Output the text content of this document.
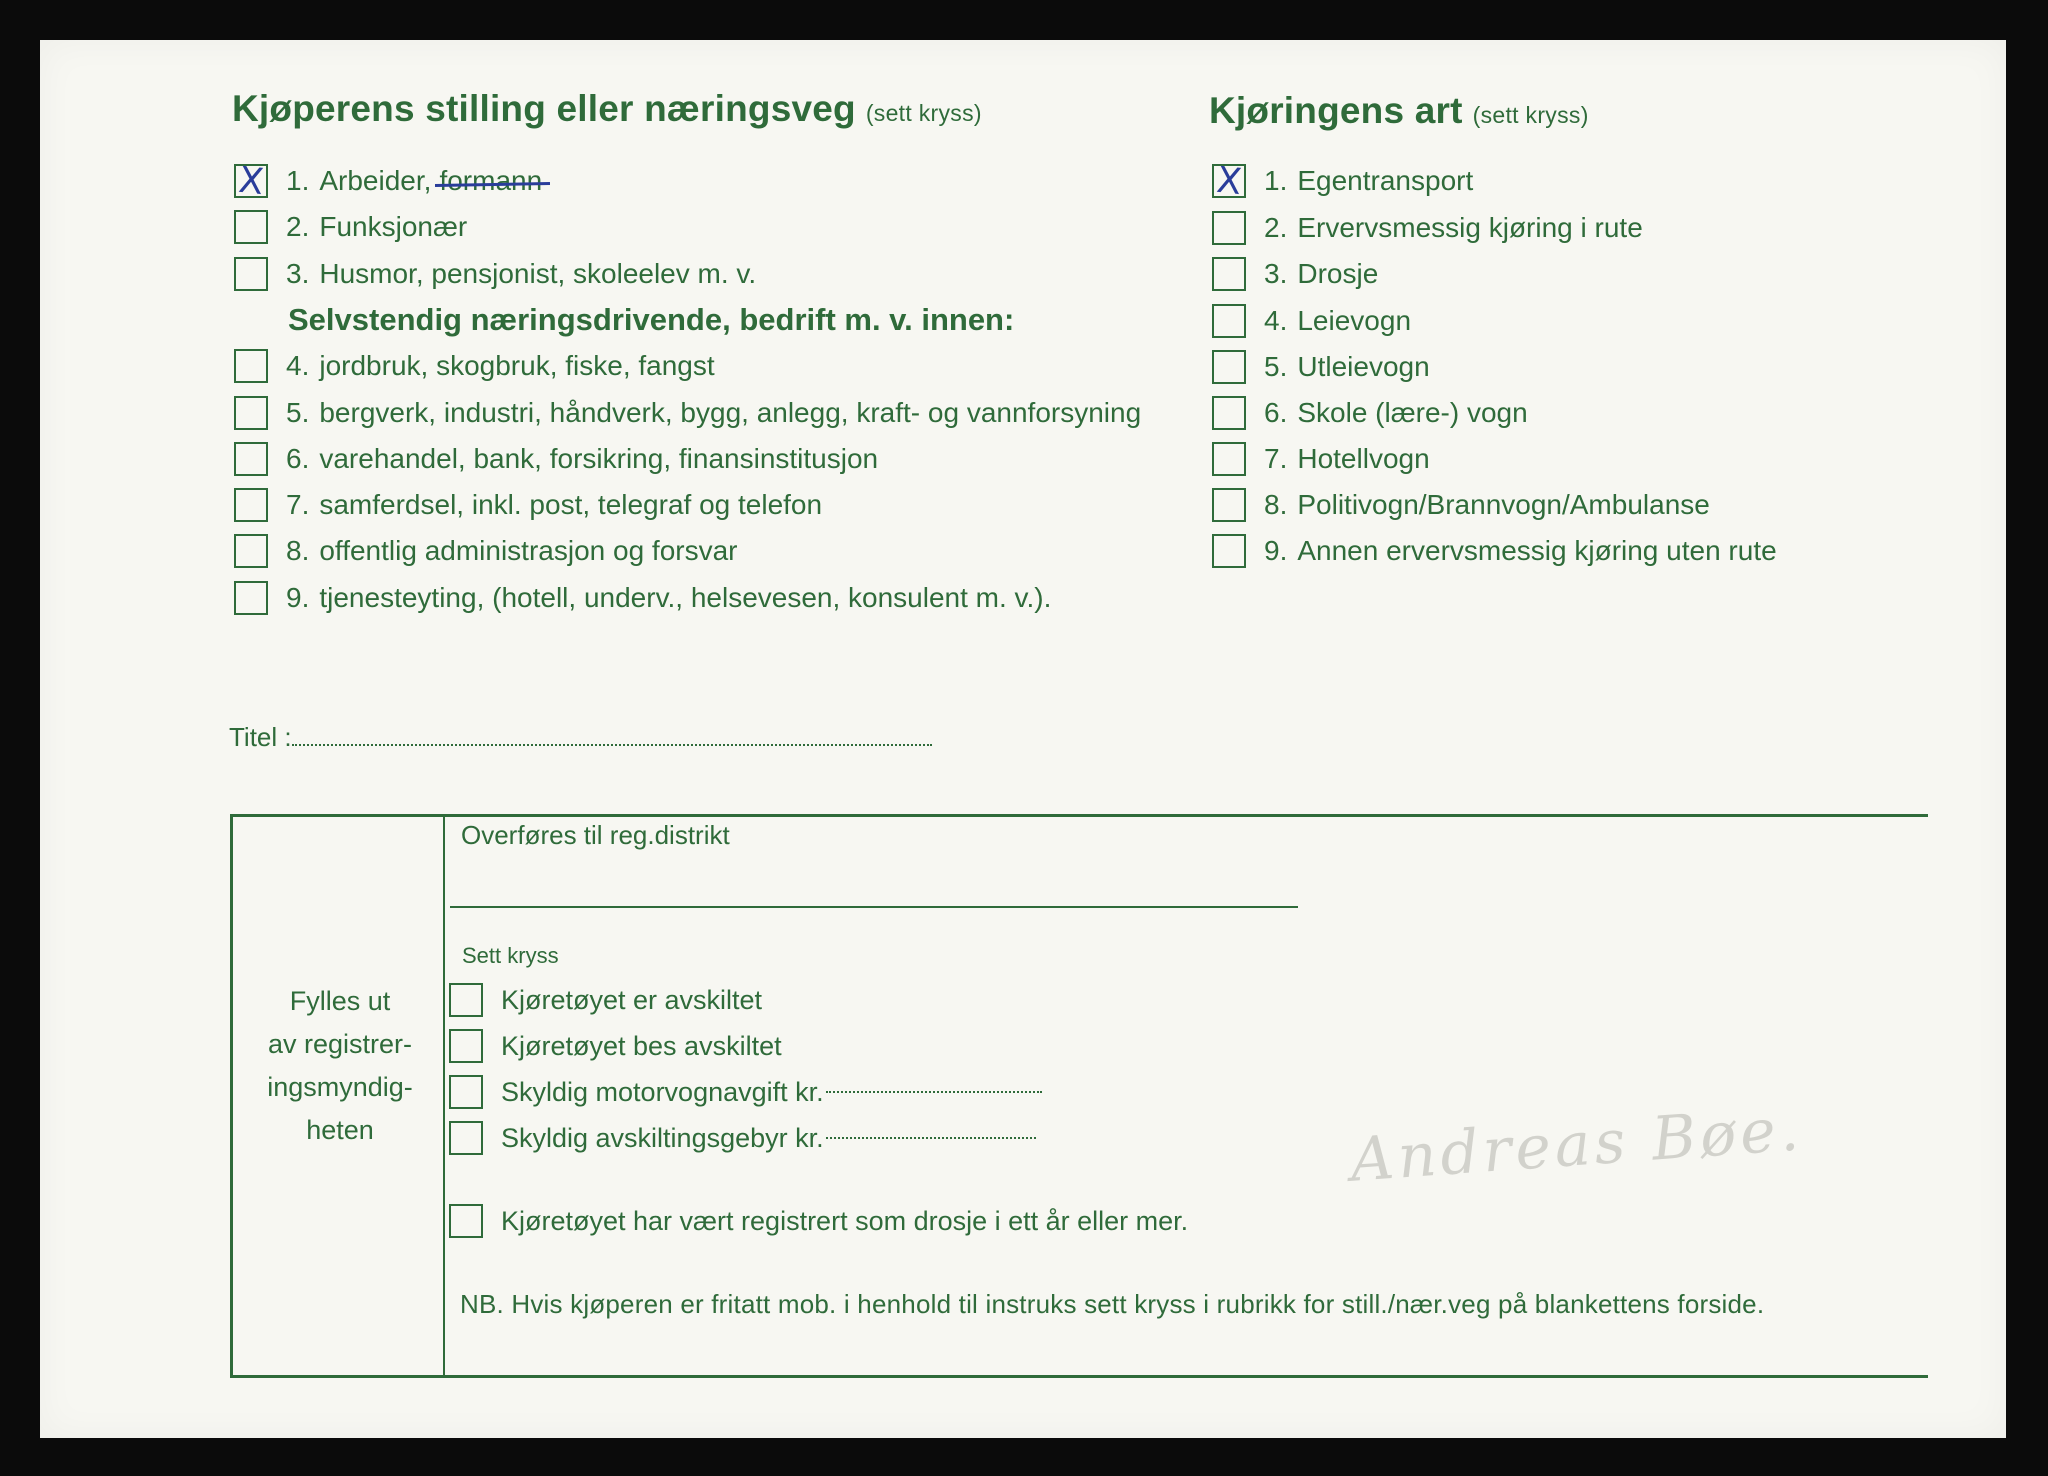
Kjøperens stilling eller næringsveg (sett kryss)
X 1. Arbeider, formann
2. Funksjonær
3. Husmor, pensjonist, skoleelev m. v.
Selvstendig næringsdrivende, bedrift m. v. innen:
4. jordbruk, skogbruk, fiske, fangst
5. bergverk, industri, håndverk, bygg, anlegg, kraft- og vannforsyning
6. varehandel, bank, forsikring, finansinstitusjon
7. samferdsel, inkl. post, telegraf og telefon
8. offentlig administrasjon og forsvar
9. tjenesteyting, (hotell, underv., helsevesen, konsulent m. v.).
Kjøringens art (sett kryss)
X 1. Egentransport
2. Ervervsmessig kjøring i rute
3. Drosje
4. Leievogn
5. Utleievogn
6. Skole (lære-) vogn
7. Hotellvogn
8. Politivogn/Brannvogn/Ambulanse
9. Annen ervervsmessig kjøring uten rute
Titel :
Fylles ut
av registrer-
ingsmyndig-
heten
Overføres til reg.distrikt
Sett kryss
Kjøretøyet er avskiltet
Kjøretøyet bes avskiltet
Skyldig motorvognavgift kr.
Skyldig avskiltingsgebyr kr.
Kjøretøyet har vært registrert som drosje i ett år eller mer.
NB. Hvis kjøperen er fritatt mob. i henhold til instruks sett kryss i rubrikk for still./nær.veg på blankettens forside.
Andreas Bøe.
